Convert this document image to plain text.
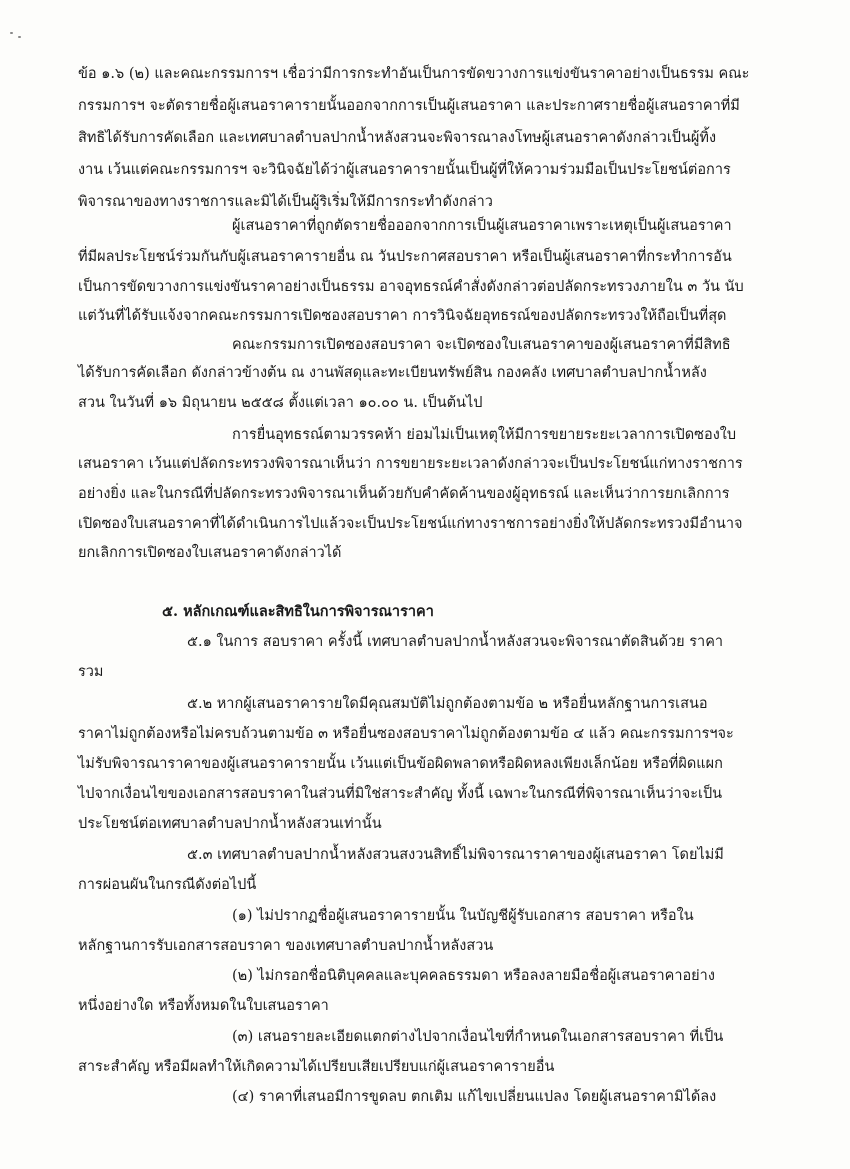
ข้อ ๑.๖ (๒) และคณะกรรมการฯ เชื่อว่ามีการกระทำอันเป็นการขัดขวางการแข่งขันราคาอย่างเป็นธรรม คณะ
กรรมการฯ จะตัดรายชื่อผู้เสนอราคารายนั้นออกจากการเป็นผู้เสนอราคา และประกาศรายชื่อผู้เสนอราคาที่มี
สิทธิได้รับการคัดเลือก และเทศบาลตำบลปากน้ำหลังสวนจะพิจารณาลงโทษผู้เสนอราคาดังกล่าวเป็นผู้ทิ้ง
งาน เว้นแต่คณะกรรมการฯ จะวินิจฉัยได้ว่าผู้เสนอราคารายนั้นเป็นผู้ที่ให้ความร่วมมือเป็นประโยชน์ต่อการ
พิจารณาของทางราชการและมิได้เป็นผู้ริเริ่มให้มีการกระทำดังกล่าว
ผู้เสนอราคาที่ถูกตัดรายชื่อออกจากการเป็นผู้เสนอราคาเพราะเหตุเป็นผู้เสนอราคา
ที่มีผลประโยชน์ร่วมกันกับผู้เสนอราคารายอื่น ณ วันประกาศสอบราคา หรือเป็นผู้เสนอราคาที่กระทำการอัน
เป็นการขัดขวางการแข่งขันราคาอย่างเป็นธรรม อาจอุทธรณ์คำสั่งดังกล่าวต่อปลัดกระทรวงภายใน ๓ วัน นับ
แต่วันที่ได้รับแจ้งจากคณะกรรมการเปิดซองสอบราคา การวินิจฉัยอุทธรณ์ของปลัดกระทรวงให้ถือเป็นที่สุด
คณะกรรมการเปิดซองสอบราคา จะเปิดซองใบเสนอราคาของผู้เสนอราคาที่มีสิทธิ
ได้รับการคัดเลือก ดังกล่าวข้างต้น ณ งานพัสดุและทะเบียนทรัพย์สิน กองคลัง เทศบาลตำบลปากน้ำหลัง
สวน ในวันที่ ๑๖ มิถุนายน ๒๕๕๘ ตั้งแต่เวลา ๑๐.๐๐ น. เป็นต้นไป
การยื่นอุทธรณ์ตามวรรคห้า ย่อมไม่เป็นเหตุให้มีการขยายระยะเวลาการเปิดซองใบ
เสนอราคา เว้นแต่ปลัดกระทรวงพิจารณาเห็นว่า การขยายระยะเวลาดังกล่าวจะเป็นประโยชน์แก่ทางราชการ
อย่างยิ่ง และในกรณีที่ปลัดกระทรวงพิจารณาเห็นด้วยกับคำคัดค้านของผู้อุทธรณ์ และเห็นว่าการยกเลิกการ
เปิดซองใบเสนอราคาที่ได้ดำเนินการไปแล้วจะเป็นประโยชน์แก่ทางราชการอย่างยิ่งให้ปลัดกระทรวงมีอำนาจ
ยกเลิกการเปิดซองใบเสนอราคาดังกล่าวได้
๕. หลักเกณฑ์และสิทธิในการพิจารณาราคา
๕.๑ ในการ สอบราคา ครั้งนี้ เทศบาลตำบลปากน้ำหลังสวนจะพิจารณาตัดสินด้วย ราคา
รวม
๕.๒ หากผู้เสนอราคารายใดมีคุณสมบัติไม่ถูกต้องตามข้อ ๒ หรือยื่นหลักฐานการเสนอ
ราคาไม่ถูกต้องหรือไม่ครบถ้วนตามข้อ ๓ หรือยื่นซองสอบราคาไม่ถูกต้องตามข้อ ๔ แล้ว คณะกรรมการฯจะ
ไม่รับพิจารณาราคาของผู้เสนอราคารายนั้น เว้นแต่เป็นข้อผิดพลาดหรือผิดหลงเพียงเล็กน้อย หรือที่ผิดแผก
ไปจากเงื่อนไขของเอกสารสอบราคาในส่วนที่มิใช่สาระสำคัญ ทั้งนี้ เฉพาะในกรณีที่พิจารณาเห็นว่าจะเป็น
ประโยชน์ต่อเทศบาลตำบลปากน้ำหลังสวนเท่านั้น
๕.๓ เทศบาลตำบลปากน้ำหลังสวนสงวนสิทธิ์ไม่พิจารณาราคาของผู้เสนอราคา โดยไม่มี
การผ่อนผันในกรณีดังต่อไปนี้
(๑) ไม่ปรากฏชื่อผู้เสนอราคารายนั้น ในบัญชีผู้รับเอกสาร สอบราคา หรือใน
หลักฐานการรับเอกสารสอบราคา ของเทศบาลตำบลปากน้ำหลังสวน
(๒) ไม่กรอกชื่อนิติบุคคลและบุคคลธรรมดา หรือลงลายมือชื่อผู้เสนอราคาอย่าง
หนึ่งอย่างใด หรือทั้งหมดในใบเสนอราคา
(๓) เสนอรายละเอียดแตกต่างไปจากเงื่อนไขที่กำหนดในเอกสารสอบราคา ที่เป็น
สาระสำคัญ หรือมีผลทำให้เกิดความได้เปรียบเสียเปรียบแก่ผู้เสนอราคารายอื่น
(๔) ราคาที่เสนอมีการขูดลบ ตกเติม แก้ไขเปลี่ยนแปลง โดยผู้เสนอราคามิได้ลง
